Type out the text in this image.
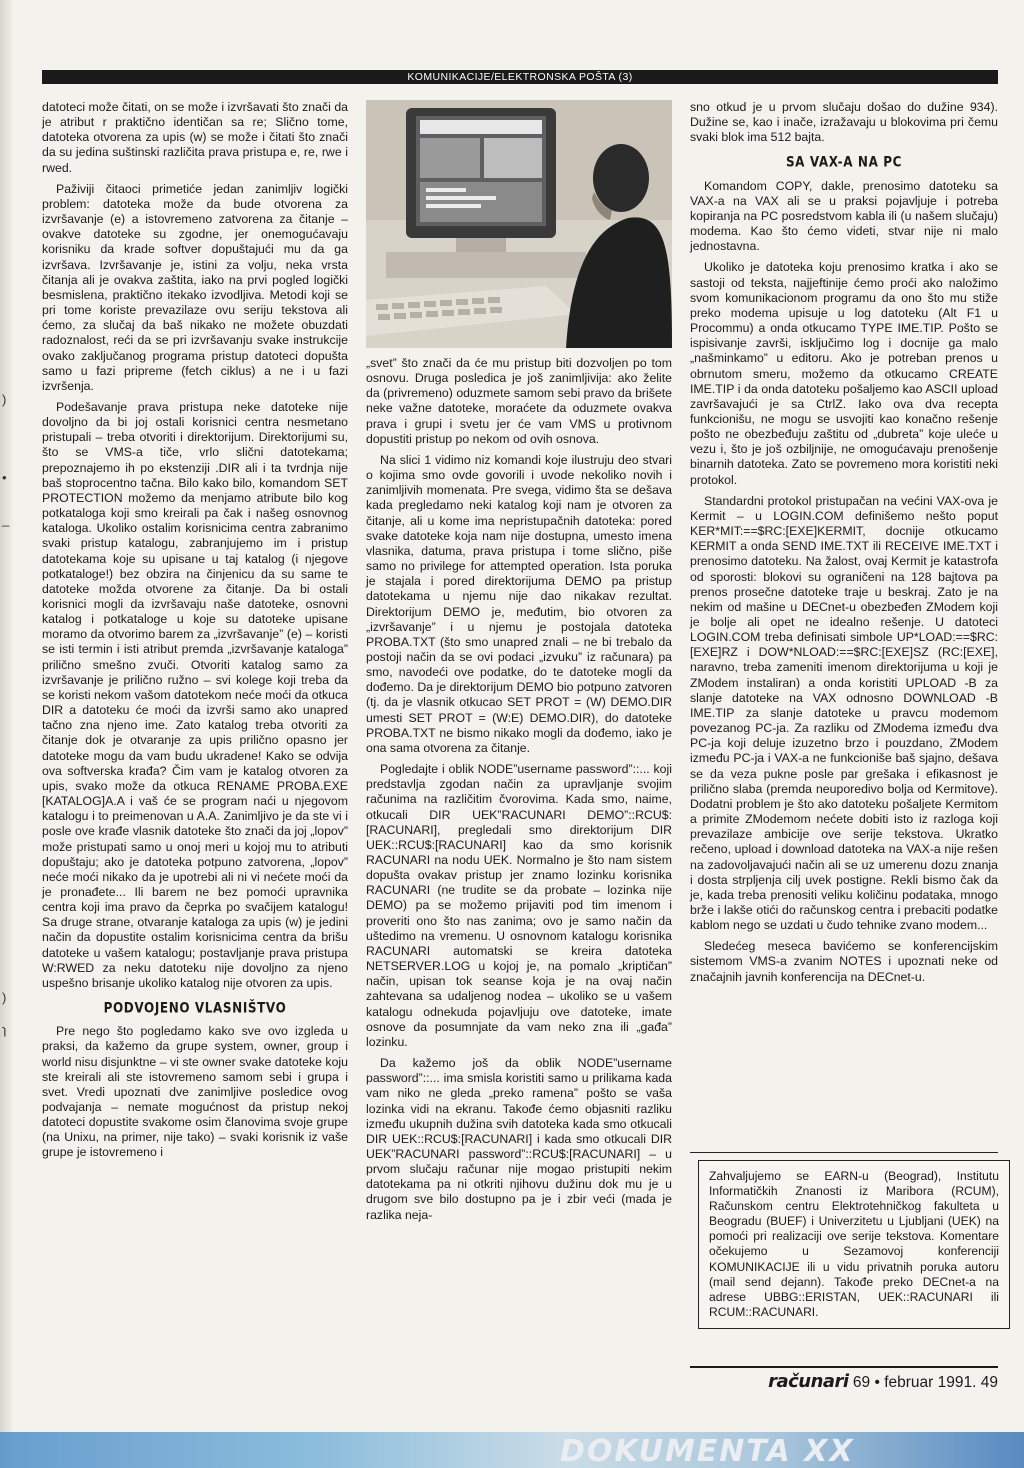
)
•
_
)
ɿ
KOMUNIKACIJE/ELEKTRONSKA POŠTA (3)

datoteci može čitati, on se može i izvršavati što znači da je atribut r praktično identičan sa re; Slično tome, datoteka otvorena za upis (w) se može i čitati što znači da su jedina suštinski različita prava pristupa e, re, rwe i rwed.

Paživiji čitaoci primetiće jedan zanimljiv logički problem: datoteka može da bude otvorena za izvršavanje (e) a istovremeno zatvorena za čitanje – ovakve datoteke su zgodne, jer onemogućavaju korisniku da krade softver dopuštajući mu da ga izvršava. Izvršavanje je, istini za volju, neka vrsta čitanja ali je ovakva zaštita, iako na prvi pogled logički besmislena, praktično itekako izvodljiva. Metodi koji se pri tome koriste prevazilaze ovu seriju tekstova ali ćemo, za slučaj da baš nikako ne možete obuzdati radoznalost, reći da se pri izvršavanju svake instrukcije ovako zaključanog programa pristup datoteci dopušta samo u fazi pripreme (fetch ciklus) a ne i u fazi izvršenja.

Podešavanje prava pristupa neke datoteke nije dovoljno da bi joj ostali korisnici centra nesmetano pristupali – treba otvoriti i direktorijum. Direktorijumi su, što se VMS-a tiče, vrlo slični datotekama; prepoznajemo ih po ekstenziji .DIR ali i ta tvrdnja nije baš stoprocentno tačna. Bilo kako bilo, komandom SET PROTECTION možemo da menjamo atribute bilo kog potkataloga koji smo kreirali pa čak i našeg osnovnog kataloga. Ukoliko ostalim korisnicima centra zabranimo svaki pristup katalogu, zabranjujemo im i pristup datotekama koje su upisane u taj katalog (i njegove potkataloge!) bez obzira na činjenicu da su same te datoteke možda otvorene za čitanje. Da bi ostali korisnici mogli da izvršavaju naše datoteke, osnovni katalog i potkataloge u koje su datoteke upisane moramo da otvorimo barem za „izvršavanje” (e) – koristi se isti termin i isti atribut premda „izvršavanje kataloga” prilično smešno zvuči. Otvoriti katalog samo za izvršavanje je prilično ružno – svi kolege koji treba da se koristi nekom vašom datotekom neće moći da otkuca DIR a datoteku će moći da izvrši samo ako unapred tačno zna njeno ime. Zato katalog treba otvoriti za čitanje dok je otvaranje za upis prilično opasno jer datoteke mogu da vam budu ukradene! Kako se odvija ova softverska krađa? Čim vam je katalog otvoren za upis, svako može da otkuca RENAME PROBA.EXE [KATALOG]A.A i vaš će se program naći u njegovom katalogu i to preimenovan u A.A. Zanimljivo je da ste vi i posle ove krađe vlasnik datoteke što znači da joj „lopov” može pristupati samo u onoj meri u kojoj mu to atributi dopuštaju; ako je datoteka potpuno zatvorena, „lopov” neće moći nikako da je upotrebi ali ni vi nećete moći da je pronađete... Ili barem ne bez pomoći upravnika centra koji ima pravo da čeprka po svačijem katalogu! Sa druge strane, otvaranje kataloga za upis (w) je jedini način da dopustite ostalim korisnicima centra da brišu datoteke u vašem katalogu; postavljanje prava pristupa W:RWED za neku datoteku nije dovoljno za njeno uspešno brisanje ukoliko katalog nije otvoren za upis.

PODVOJENO VLASNIŠTVO

Pre nego što pogledamo kako sve ovo izgleda u praksi, da kažemo da grupe system, owner, group i world nisu disjunktne – vi ste owner svake datoteke koju ste kreirali ali ste istovremeno samom sebi i grupa i svet. Vredi upoznati dve zanimljive posledice ovog podvajanja – nemate mogućnost da pristup nekoj datoteci dopustite svakome osim članovima svoje grupe (na Unixu, na primer, nije tako) – svaki korisnik iz vaše grupe je istovremeno i

„svet” što znači da će mu pristup biti dozvoljen po tom osnovu. Druga posledica je još zanimljivija: ako želite da (privremeno) oduzmete samom sebi pravo da brišete neke važne datoteke, moraćete da oduzmete ovakva prava i grupi i svetu jer će vam VMS u protivnom dopustiti pristup po nekom od ovih osnova.

Na slici 1 vidimo niz komandi koje ilustruju deo stvari o kojima smo ovde govorili i uvode nekoliko novih i zanimljivih momenata. Pre svega, vidimo šta se dešava kada pregledamo neki katalog koji nam je otvoren za čitanje, ali u kome ima nepristupačnih datoteka: pored svake datoteke koja nam nije dostupna, umesto imena vlasnika, datuma, prava pristupa i tome slično, piše samo no privilege for attempted operation. Ista poruka je stajala i pored direktorijuma DEMO pa pristup datotekama u njemu nije dao nikakav rezultat. Direktorijum DEMO je, međutim, bio otvoren za „izvršavanje” i u njemu je postojala datoteka PROBA.TXT (što smo unapred znali – ne bi trebalo da postoji način da se ovi podaci „izvuku” iz računara) pa smo, navodeći ove podatke, do te datoteke mogli da dođemo. Da je direktorijum DEMO bio potpuno zatvoren (tj. da je vlasnik otkucao SET PROT = (W) DEMO.DIR umesti SET PROT = (W:E) DEMO.DIR), do datoteke PROBA.TXT ne bismo nikako mogli da dođemo, iako je ona sama otvorena za čitanje.

Pogledajte i oblik NODE”username password”::... koji predstavlja zgodan način za upravljanje svojim računima na različitim čvorovima. Kada smo, naime, otkucali DIR UEK”RACUNARI DEMO”::RCU$:[RACUNARI], pregledali smo direktorijum DIR UEK::RCU$:[RACUNARI] kao da smo korisnik RACUNARI na nodu UEK. Normalno je što nam sistem dopušta ovakav pristup jer znamo lozinku korisnika RACUNARI (ne trudite se da probate – lozinka nije DEMO) pa se možemo prijaviti pod tim imenom i proveriti ono što nas zanima; ovo je samo način da uštedimo na vremenu. U osnovnom katalogu korisnika RACUNARI automatski se kreira datoteka NETSERVER.LOG u kojoj je, na pomalo „kriptičan” način, upisan tok seanse koja je na ovaj način zahtevana sa udaljenog nodea – ukoliko se u vašem katalogu odnekuda pojavljuju ove datoteke, imate osnove da posumnjate da vam neko zna ili „gađa” lozinku.

Da kažemo još da oblik NODE”username password”::... ima smisla koristiti samo u prilikama kada vam niko ne gleda „preko ramena” pošto se vaša lozinka vidi na ekranu. Takođe ćemo objasniti razliku između ukupnih dužina svih datoteka kada smo otkucali DIR UEK::RCU$:[RACUNARI] i kada smo otkucali DIR UEK”RACUNARI password”::RCU$:[RACUNARI] – u prvom slučaju računar nije mogao pristupiti nekim datotekama pa ni otkriti njihovu dužinu dok mu je u drugom sve bilo dostupno pa je i zbir veći (mada je razlika neja-

sno otkud je u prvom slučaju došao do dužine 934). Dužine se, kao i inače, izražavaju u blokovima pri čemu svaki blok ima 512 bajta.

SA VAX-A NA PC

Komandom COPY, dakle, prenosimo datoteku sa VAX-a na VAX ali se u praksi pojavljuje i potreba kopiranja na PC posredstvom kabla ili (u našem slučaju) modema. Kao što ćemo videti, stvar nije ni malo jednostavna.

Ukoliko je datoteka koju prenosimo kratka i ako se sastoji od teksta, najjeftinije ćemo proći ako naložimo svom komunikacionom programu da ono što mu stiže preko modema upisuje u log datoteku (Alt F1 u Procommu) a onda otkucamo TYPE IME.TIP. Pošto se ispisivanje završi, isključimo log i docnije ga malo „našminkamo” u editoru. Ako je potreban prenos u obrnutom smeru, možemo da otkucamo CREATE IME.TIP i da onda datoteku pošaljemo kao ASCII upload završavajući je sa CtrlZ. Iako ova dva recepta funkcionišu, ne mogu se usvojiti kao konačno rešenje pošto ne obezbeđuju zaštitu od „dubreta” koje uleće u vezu i, što je još ozbiljnije, ne omogućavaju prenošenje binarnih datoteka. Zato se povremeno mora koristiti neki protokol.

Standardni protokol pristupačan na većini VAX-ova je Kermit – u LOGIN.COM definišemo nešto poput KER*MIT:==$RC:[EXE]KERMIT, docnije otkucamo KERMIT a onda SEND IME.TXT ili RECEIVE IME.TXT i prenosimo datoteku. Na žalost, ovaj Kermit je katastrofa od sporosti: blokovi su ograničeni na 128 bajtova pa prenos prosečne datoteke traje u beskraj. Zato je na nekim od mašine u DECnet-u obezbeđen ZModem koji je bolje ali opet ne idealno rešenje. U datoteci LOGIN.COM treba definisati simbole UP*LOAD:==$RC:[EXE]RZ i DOW*NLOAD:==$RC:[EXE]SZ (RC:[EXE], naravno, treba zameniti imenom direktorijuma u koji je ZModem instaliran) a onda koristiti UPLOAD -B za slanje datoteke na VAX odnosno DOWNLOAD -B IME.TIP za slanje datoteke u pravcu modemom povezanog PC-ja. Za razliku od ZModema između dva PC-ja koji deluje izuzetno brzo i pouzdano, ZModem između PC-ja i VAX-a ne funkcioniše baš sjajno, dešava se da veza pukne posle par grešaka i efikasnost je prilično slaba (premda neuporedivo bolja od Kermitove). Dodatni problem je što ako datoteku pošaljete Kermitom a primite ZModemom nećete dobiti isto iz razloga koji prevazilaze ambicije ove serije tekstova. Ukratko rečeno, upload i download datoteka na VAX-a nije rešen na zadovoljavajući način ali se uz umerenu dozu znanja i dosta strpljenja cilj uvek postigne. Rekli bismo čak da je, kada treba prenositi veliku količinu podataka, mnogo brže i lakše otići do računskog centra i prebaciti podatke kablom nego se uzdati u čudo tehnike zvano modem...

Sledećeg meseca bavićemo se konferencijskim sistemom VMS-a zvanim NOTES i upoznati neke od značajnih javnih konferencija na DECnet-u.

Zahvaljujemo se EARN-u (Beograd), Institutu Informatičkih Znanosti iz Maribora (RCUM), Računskom centru Elektrotehničkog fakulteta u Beogradu (BUEF) i Univerzitetu u Ljubljani (UEK) na pomoći pri realizaciji ove serije tekstova. Komentare očekujemo u Sezamovoj konferenciji KOMUNIKACIJE ili u vidu privatnih poruka autoru (mail send dejann). Takođe preko DECnet-a na adrese UBBG::ERISTAN, UEK::RACUNARI ili RCUM::RACUNARI.
računari 69 • februar 1991. 49
DOKUMENTA XX
